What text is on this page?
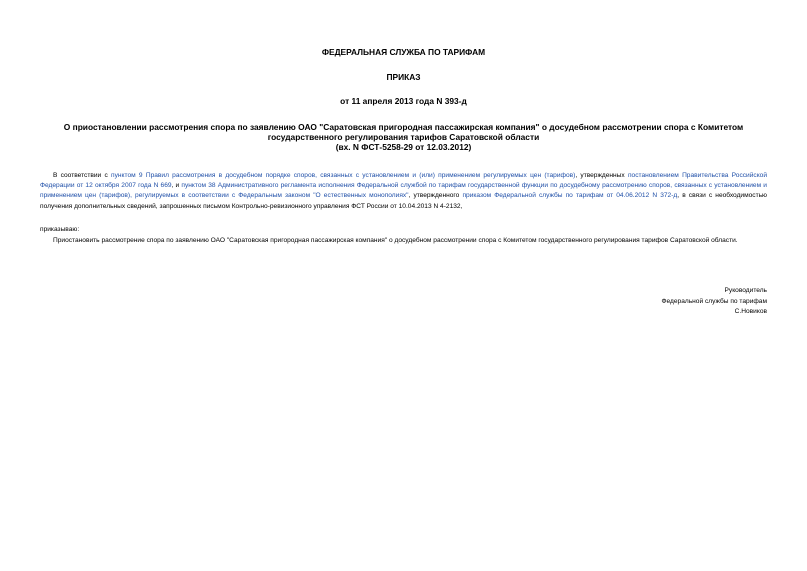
ФЕДЕРАЛЬНАЯ СЛУЖБА ПО ТАРИФАМ
ПРИКАЗ
от 11 апреля 2013 года N 393-д
О приостановлении рассмотрения спора по заявлению ОАО "Саратовская пригородная пассажирская компания" о досудебном рассмотрении спора с Комитетом
государственного регулирования тарифов Саратовской области
(вх. N ФСТ-5258-29 от 12.03.2012)
В соответствии с пунктом 9 Правил рассмотрения в досудебном порядке споров, связанных с установлением и (или) применением регулируемых цен (тарифов), утвержденных постановлением Правительства Российской Федерации от 12 октября 2007 года N 669, и пунктом 38 Административного регламента исполнения Федеральной службой по тарифам государственной функции по досудебному рассмотрению споров, связанных с установлением и применением цен (тарифов), регулируемых в соответствии с Федеральным законом "О естественных монополиях", утвержденного приказом Федеральной службы по тарифам от 04.06.2012 N 372-д, в связи с необходимостью получения дополнительных сведений, запрошенных письмом Контрольно-ревизионного управления ФСТ России от 10.04.2013 N 4-2132,
приказываю:
Приостановить рассмотрение спора по заявлению ОАО "Саратовская пригородная пассажирская компания" о досудебном рассмотрении спора с Комитетом государственного регулирования тарифов Саратовской области.
Руководитель
Федеральной службы по тарифам
С.Новиков
